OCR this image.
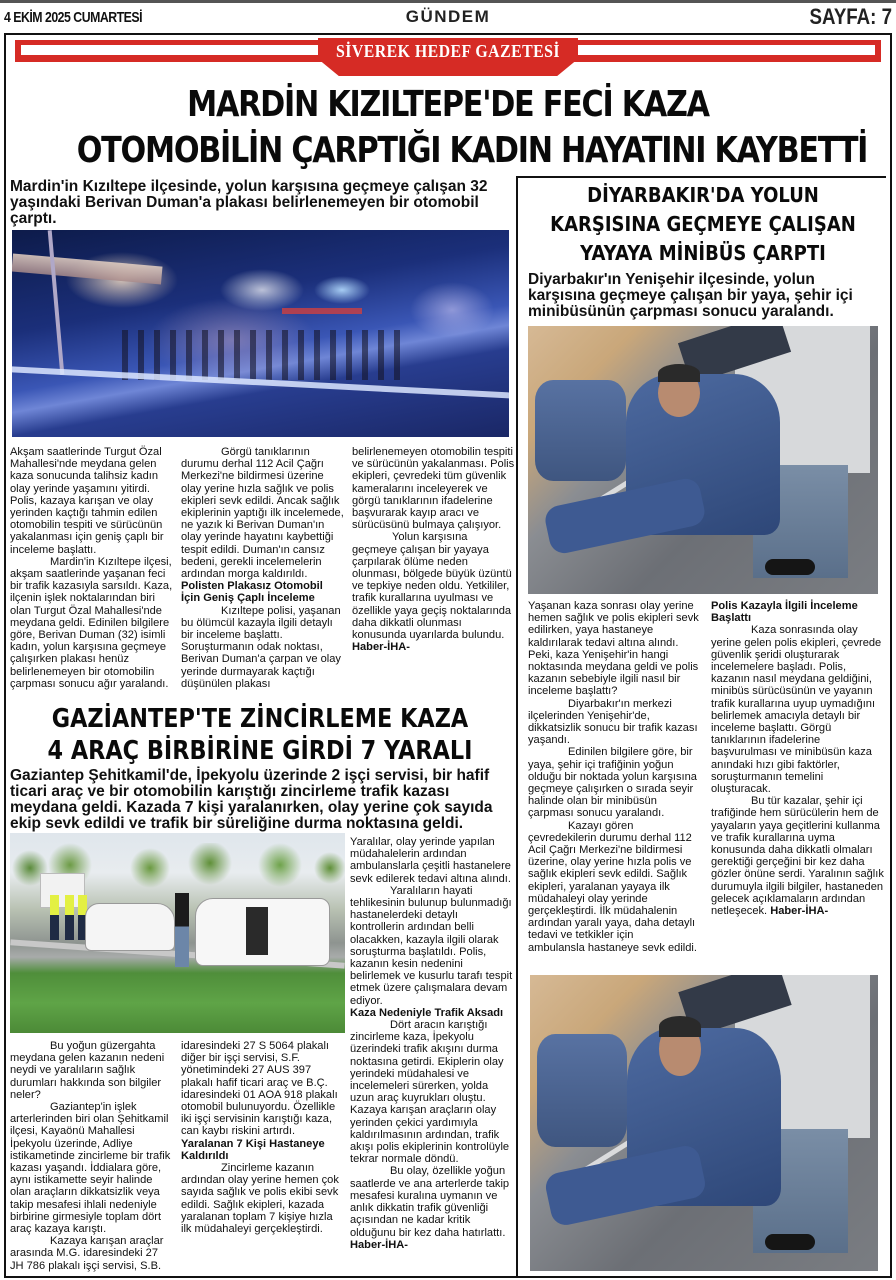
4 EKİM 2025 CUMARTESİ	GÜNDEM	SAYFA: 7
SİVEREK HEDEF GAZETESİ
MARDİN KIZILTEPE'DE FECİ KAZA
OTOMOBİLİN ÇARPTIĞI KADIN HAYATINI KAYBETTİ
Mardin'in Kızıltepe ilçesinde, yolun karşısına geçmeye çalışan 32 yaşındaki Berivan Duman'a plakası belirlenemeyen bir otomobil çarptı.

Akşam saatlerinde Turgut Özal Mahallesi'nde meydana gelen kaza sonucunda talihsiz kadın olay yerinde yaşamını yitirdi. Polis, kazaya karışan ve olay yerinden kaçtığı tahmin edilen otomobilin tespiti ve sürücünün yakalanması için geniş çaplı bir inceleme başlattı.

Mardin'in Kızıltepe ilçesi, akşam saatlerinde yaşanan feci bir trafik kazasıyla sarsıldı. Kaza, ilçenin işlek noktalarından biri olan Turgut Özal Mahallesi'nde meydana geldi. Edinilen bilgilere göre, Berivan Duman (32) isimli kadın, yolun karşısına geçmeye çalışırken plakası henüz belirlenemeyen bir otomobilin çarpması sonucu ağır yaralandı.

Görgü tanıklarının durumu derhal 112 Acil Çağrı Merkezi'ne bildirmesi üzerine olay yerine hızla sağlık ve polis ekipleri sevk edildi. Ancak sağlık ekiplerinin yaptığı ilk incelemede, ne yazık ki Berivan Duman'ın olay yerinde hayatını kaybettiği tespit edildi. Duman'ın cansız bedeni, gerekli incelemelerin ardından morga kaldırıldı.

Polisten Plakasız Otomobil İçin Geniş Çaplı İnceleme

Kızıltepe polisi, yaşanan bu ölümcül kazayla ilgili detaylı bir inceleme başlattı. Soruşturmanın odak noktası, Berivan Duman'a çarpan ve olay yerinde durmayarak kaçtığı düşünülen plakası belirlenemeyen otomobilin tespiti ve sürücünün yakalanması. Polis ekipleri, çevredeki tüm güvenlik kameralarını inceleyerek ve görgü tanıklarının ifadelerine başvurarak kayıp aracı ve sürücüsünü bulmaya çalışıyor.

Yolun karşısına geçmeye çalışan bir yayaya çarpılarak ölüme neden olunması, bölgede büyük üzüntü ve tepkiye neden oldu. Yetkililer, trafik kurallarına uyulması ve özellikle yaya geçiş noktalarında daha dikkatli olunması konusunda uyarılarda bulundu.

Haber-İHA-

DİYARBAKIR'DA YOLUN
KARŞISINA GEÇMEYE ÇALIŞAN
YAYAYA MİNİBÜS ÇARPTI
Diyarbakır'ın Yenişehir ilçesinde, yolun karşısına geçmeye çalışan bir yaya, şehir içi minibüsünün çarpması sonucu yaralandı.

Yaşanan kaza sonrası olay yerine hemen sağlık ve polis ekipleri sevk edilirken, yaya hastaneye kaldırılarak tedavi altına alındı. Peki, kaza Yenişehir'in hangi noktasında meydana geldi ve polis kazanın sebebiyle ilgili nasıl bir inceleme başlattı?

Diyarbakır'ın merkezi ilçelerinden Yenişehir'de, dikkatsizlik sonucu bir trafik kazası yaşandı.

Edinilen bilgilere göre, bir yaya, şehir içi trafiğinin yoğun olduğu bir noktada yolun karşısına geçmeye çalışırken o sırada seyir halinde olan bir minibüsün çarpması sonucu yaralandı.

Kazayı gören çevredekilerin durumu derhal 112 Acil Çağrı Merkezi'ne bildirmesi üzerine, olay yerine hızla polis ve sağlık ekipleri sevk edildi. Sağlık ekipleri, yaralanan yayaya ilk müdahaleyi olay yerinde gerçekleştirdi. İlk müdahalenin ardından yaralı yaya, daha detaylı tedavi ve tetkikler için

ambulansla hastaneye sevk edildi.

Polis Kazayla İlgili İnceleme Başlattı

Kaza sonrasında olay yerine gelen polis ekipleri, çevrede güvenlik şeridi oluşturarak incelemelere başladı. Polis, kazanın nasıl meydana geldiğini, minibüs sürücüsünün ve yayanın trafik kurallarına uyup uymadığını belirlemek amacıyla detaylı bir inceleme başlattı. Görgü tanıklarının ifadelerine başvurulması ve minibüsün kaza anındaki hızı gibi faktörler, soruşturmanın temelini oluşturacak.

Bu tür kazalar, şehir içi trafiğinde hem sürücülerin hem de yayaların yaya geçitlerini kullanma ve trafik kurallarına uyma konusunda daha dikkatli olmaları gerektiği gerçeğini bir kez daha gözler önüne serdi. Yaralının sağlık durumuyla ilgili bilgiler, hastaneden gelecek açıklamaların ardından netleşecek. Haber-İHA-

GAZİANTEP'TE ZİNCİRLEME KAZA
4 ARAÇ BİRBİRİNE GİRDİ 7 YARALI
Gaziantep Şehitkamil'de, İpekyolu üzerinde 2 işçi servisi, bir hafif ticari araç ve bir otomobilin karıştığı zincirleme trafik kazası meydana geldi. Kazada 7 kişi yaralanırken, olay yerine çok sayıda ekip sevk edildi ve trafik bir süreliğine durma noktasına geldi.

Yaralılar, olay yerinde yapılan müdahalelerin ardından ambulanslarla çeşitli hastanelere sevk edilerek tedavi altına alındı.

Yaralıların hayati tehlikesinin bulunup bulunmadığı hastanelerdeki detaylı kontrollerin ardından belli olacakken, kazayla ilgili olarak soruşturma başlatıldı. Polis, kazanın kesin nedenini belirlemek ve kusurlu tarafı tespit etmek üzere çalışmalara devam ediyor.

Kaza Nedeniyle Trafik Aksadı

Dört aracın karıştığı zincirleme kaza, İpekyolu üzerindeki trafik akışını durma noktasına getirdi. Ekiplerin olay yerindeki müdahalesi ve incelemeleri sürerken, yolda uzun araç kuyrukları oluştu. Kazaya karışan araçların olay yerinden çekici yardımıyla kaldırılmasının ardından, trafik akışı polis ekiplerinin kontrolüyle tekrar normale döndü.

Bu olay, özellikle yoğun saatlerde ve ana arterlerde takip mesafesi kuralına uymanın ve anlık dikkatin trafik güvenliği açısından ne kadar kritik olduğunu bir kez daha hatırlattı.

Haber-İHA-

Bu yoğun güzergahta meydana gelen kazanın nedeni neydi ve yaralıların sağlık durumları hakkında son bilgiler neler?

Gaziantep'in işlek arterlerinden biri olan Şehitkamil ilçesi, Kayaönü Mahallesi İpekyolu üzerinde, Adliye istikametinde zincirleme bir trafik kazası yaşandı. İddialara göre, aynı istikamette seyir halinde olan araçların dikkatsizlik veya takip mesafesi ihlali nedeniyle birbirine girmesiyle toplam dört araç kazaya karıştı.

Kazaya karışan araçlar

arasında M.G. idaresindeki 27 JH 786 plakalı işçi servisi, S.B. idaresindeki 27 S 5064 plakalı diğer bir işçi servisi, S.F. yönetimindeki 27 AUS 397 plakalı hafif ticari araç ve B.Ç. idaresindeki 01 AOA 918 plakalı otomobil bulunuyordu. Özellikle iki işçi servisinin karıştığı kaza, can kaybı riskini artırdı.

Yaralanan 7 Kişi Hastaneye Kaldırıldı

Zincirleme kazanın ardından olay yerine hemen çok sayıda sağlık ve polis ekibi sevk edildi. Sağlık ekipleri, kazada yaralanan toplam 7 kişiye hızla ilk müdahaleyi gerçekleştirdi.
